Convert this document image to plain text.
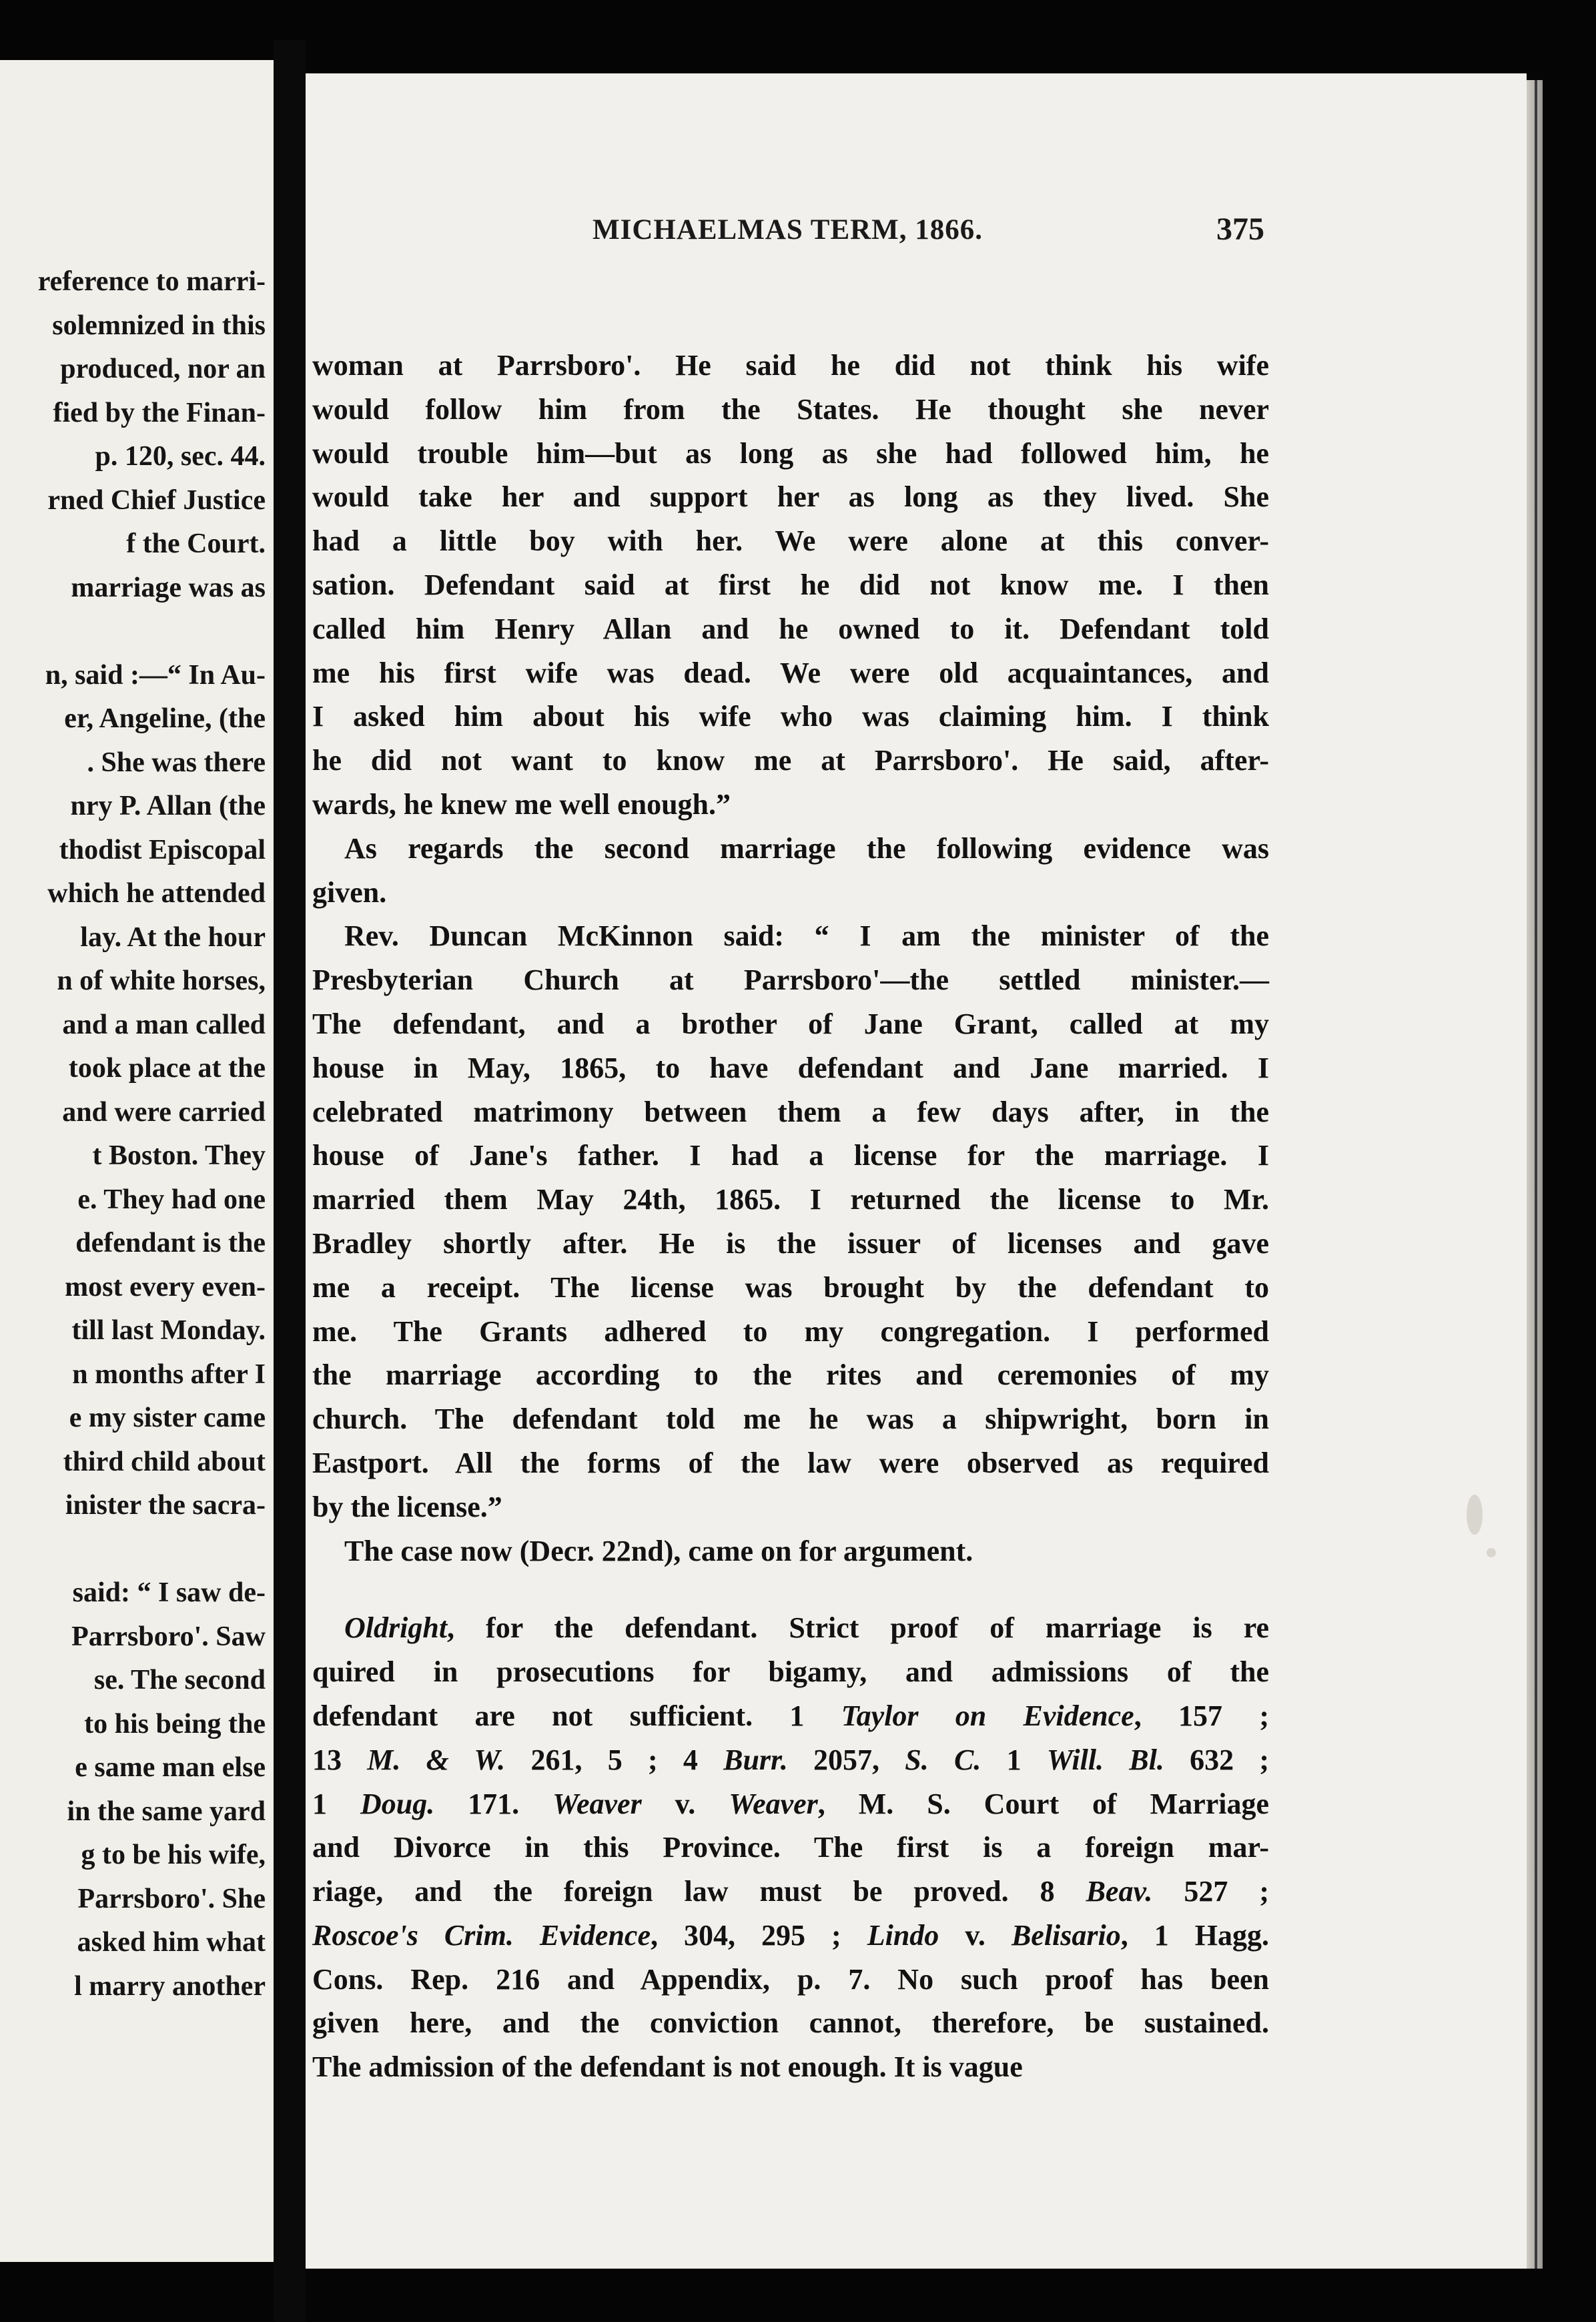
reference to marri-
solemnized in this
produced, nor an
fied by the Finan-
p. 120, sec. 44.
rned Chief Justice
f the Court.
marriage was as
n, said :—“ In Au-
er, Angeline, (the
. She was there
nry P. Allan (the
thodist Episcopal
which he attended
lay. At the hour
n of white horses,
and a man called
took place at the
and were carried
t Boston. They
e. They had one
defendant is the
most every even-
till last Monday.
n months after I
e my sister came
third child about
inister the sacra-
said: “ I saw de-
Parrsboro'. Saw
se. The second
to his being the
e same man else
in the same yard
g to be his wife,
Parrsboro'. She
asked him what
l marry another
MICHAELMAS TERM, 1866.	375

woman at Parrsboro'. He said he did not think his wife
would follow him from the States. He thought she never
would trouble him—but as long as she had followed him, he
would take her and support her as long as they lived. She
had a little boy with her. We were alone at this conver-
sation. Defendant said at first he did not know me. I then
called him Henry Allan and he owned to it. Defendant told
me his first wife was dead. We were old acquaintances, and
I asked him about his wife who was claiming him. I think
he did not want to know me at Parrsboro'. He said, after-
wards, he knew me well enough.”

As regards the second marriage the following evidence was
given.

Rev. Duncan McKinnon said: “ I am the minister of the
Presbyterian Church at Parrsboro'—the settled minister.—
The defendant, and a brother of Jane Grant, called at my
house in May, 1865, to have defendant and Jane married. I
celebrated matrimony between them a few days after, in the
house of Jane's father. I had a license for the marriage. I
married them May 24th, 1865. I returned the license to Mr.
Bradley shortly after. He is the issuer of licenses and gave
me a receipt. The license was brought by the defendant to
me. The Grants adhered to my congregation. I performed
the marriage according to the rites and ceremonies of my
church. The defendant told me he was a shipwright, born in
Eastport. All the forms of the law were observed as required
by the license.”

The case now (Decr. 22nd), came on for argument.

Oldright, for the defendant. Strict proof of marriage is re
quired in prosecutions for bigamy, and admissions of the
defendant are not sufficient. 1 Taylor on Evidence, 157 ;
13 M. & W. 261, 5 ; 4 Burr. 2057, S. C. 1 Will. Bl. 632 ;
1 Doug. 171. Weaver v. Weaver, M. S. Court of Marriage
and Divorce in this Province. The first is a foreign mar-
riage, and the foreign law must be proved. 8 Beav. 527 ;
Roscoe's Crim. Evidence, 304, 295 ; Lindo v. Belisario, 1 Hagg.
Cons. Rep. 216 and Appendix, p. 7. No such proof has been
given here, and the conviction cannot, therefore, be sustained.
The admission of the defendant is not enough. It is vague
